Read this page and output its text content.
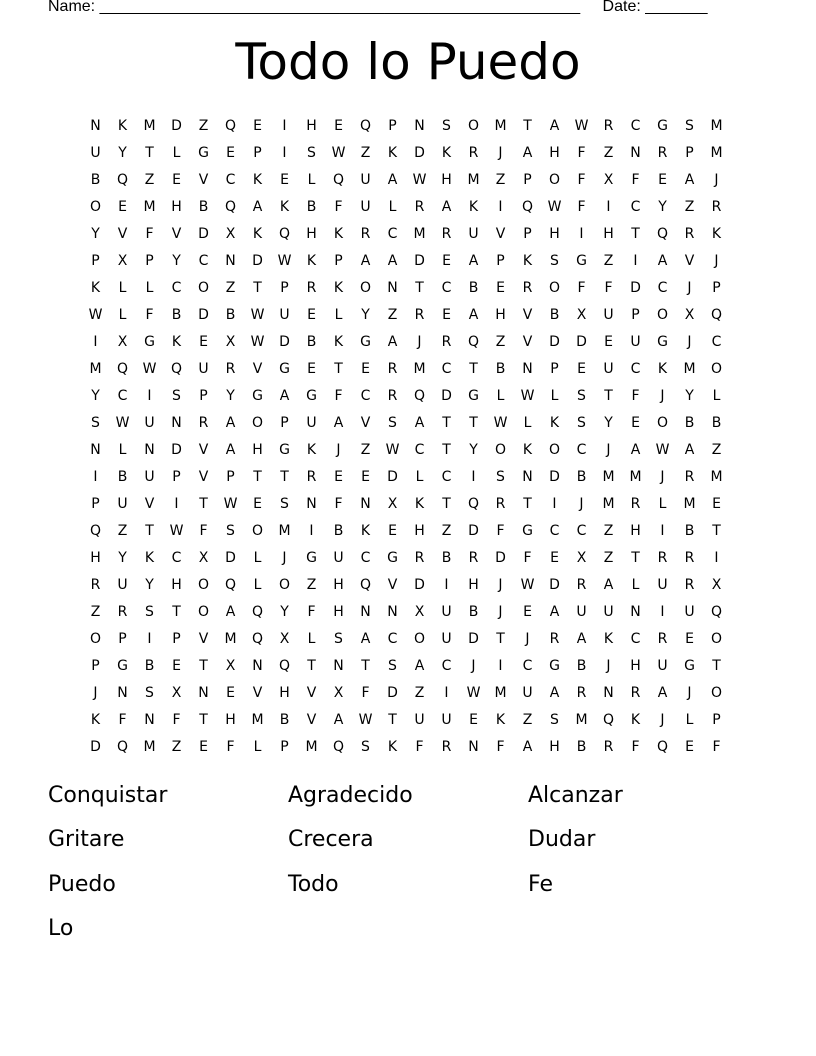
Name: ______________________________________________________ Date: _______
Todo lo Puedo
N	K	M	D	Z	Q	E	I	H	E	Q	P	N	S	O	M	T	A	W	R	C	G	S	M
U	Y	T	L	G	E	P	I	S	W	Z	K	D	K	R	J	A	H	F	Z	N	R	P	M
B	Q	Z	E	V	C	K	E	L	Q	U	A	W	H	M	Z	P	O	F	X	F	E	A	J
O	E	M	H	B	Q	A	K	B	F	U	L	R	A	K	I	Q	W	F	I	C	Y	Z	R
Y	V	F	V	D	X	K	Q	H	K	R	C	M	R	U	V	P	H	I	H	T	Q	R	K
P	X	P	Y	C	N	D	W	K	P	A	A	D	E	A	P	K	S	G	Z	I	A	V	J
K	L	L	C	O	Z	T	P	R	K	O	N	T	C	B	E	R	O	F	F	D	C	J	P
W	L	F	B	D	B	W	U	E	L	Y	Z	R	E	A	H	V	B	X	U	P	O	X	Q
I	X	G	K	E	X	W	D	B	K	G	A	J	R	Q	Z	V	D	D	E	U	G	J	C
M	Q	W	Q	U	R	V	G	E	T	E	R	M	C	T	B	N	P	E	U	C	K	M	O
Y	C	I	S	P	Y	G	A	G	F	C	R	Q	D	G	L	W	L	S	T	F	J	Y	L
S	W	U	N	R	A	O	P	U	A	V	S	A	T	T	W	L	K	S	Y	E	O	B	B
N	L	N	D	V	A	H	G	K	J	Z	W	C	T	Y	O	K	O	C	J	A	W	A	Z
I	B	U	P	V	P	T	T	R	E	E	D	L	C	I	S	N	D	B	M	M	J	R	M
P	U	V	I	T	W	E	S	N	F	N	X	K	T	Q	R	T	I	J	M	R	L	M	E
Q	Z	T	W	F	S	O	M	I	B	K	E	H	Z	D	F	G	C	C	Z	H	I	B	T
H	Y	K	C	X	D	L	J	G	U	C	G	R	B	R	D	F	E	X	Z	T	R	R	I
R	U	Y	H	O	Q	L	O	Z	H	Q	V	D	I	H	J	W	D	R	A	L	U	R	X
Z	R	S	T	O	A	Q	Y	F	H	N	N	X	U	B	J	E	A	U	U	N	I	U	Q
O	P	I	P	V	M	Q	X	L	S	A	C	O	U	D	T	J	R	A	K	C	R	E	O
P	G	B	E	T	X	N	Q	T	N	T	S	A	C	J	I	C	G	B	J	H	U	G	T
J	N	S	X	N	E	V	H	V	X	F	D	Z	I	W	M	U	A	R	N	R	A	J	O
K	F	N	F	T	H	M	B	V	A	W	T	U	U	E	K	Z	S	M	Q	K	J	L	P
D	Q	M	Z	E	F	L	P	M	Q	S	K	F	R	N	F	A	H	B	R	F	Q	E	F
Conquistar	Agradecido	Alcanzar
Gritare	Crecera	Dudar
Puedo	Todo	Fe
Lo
